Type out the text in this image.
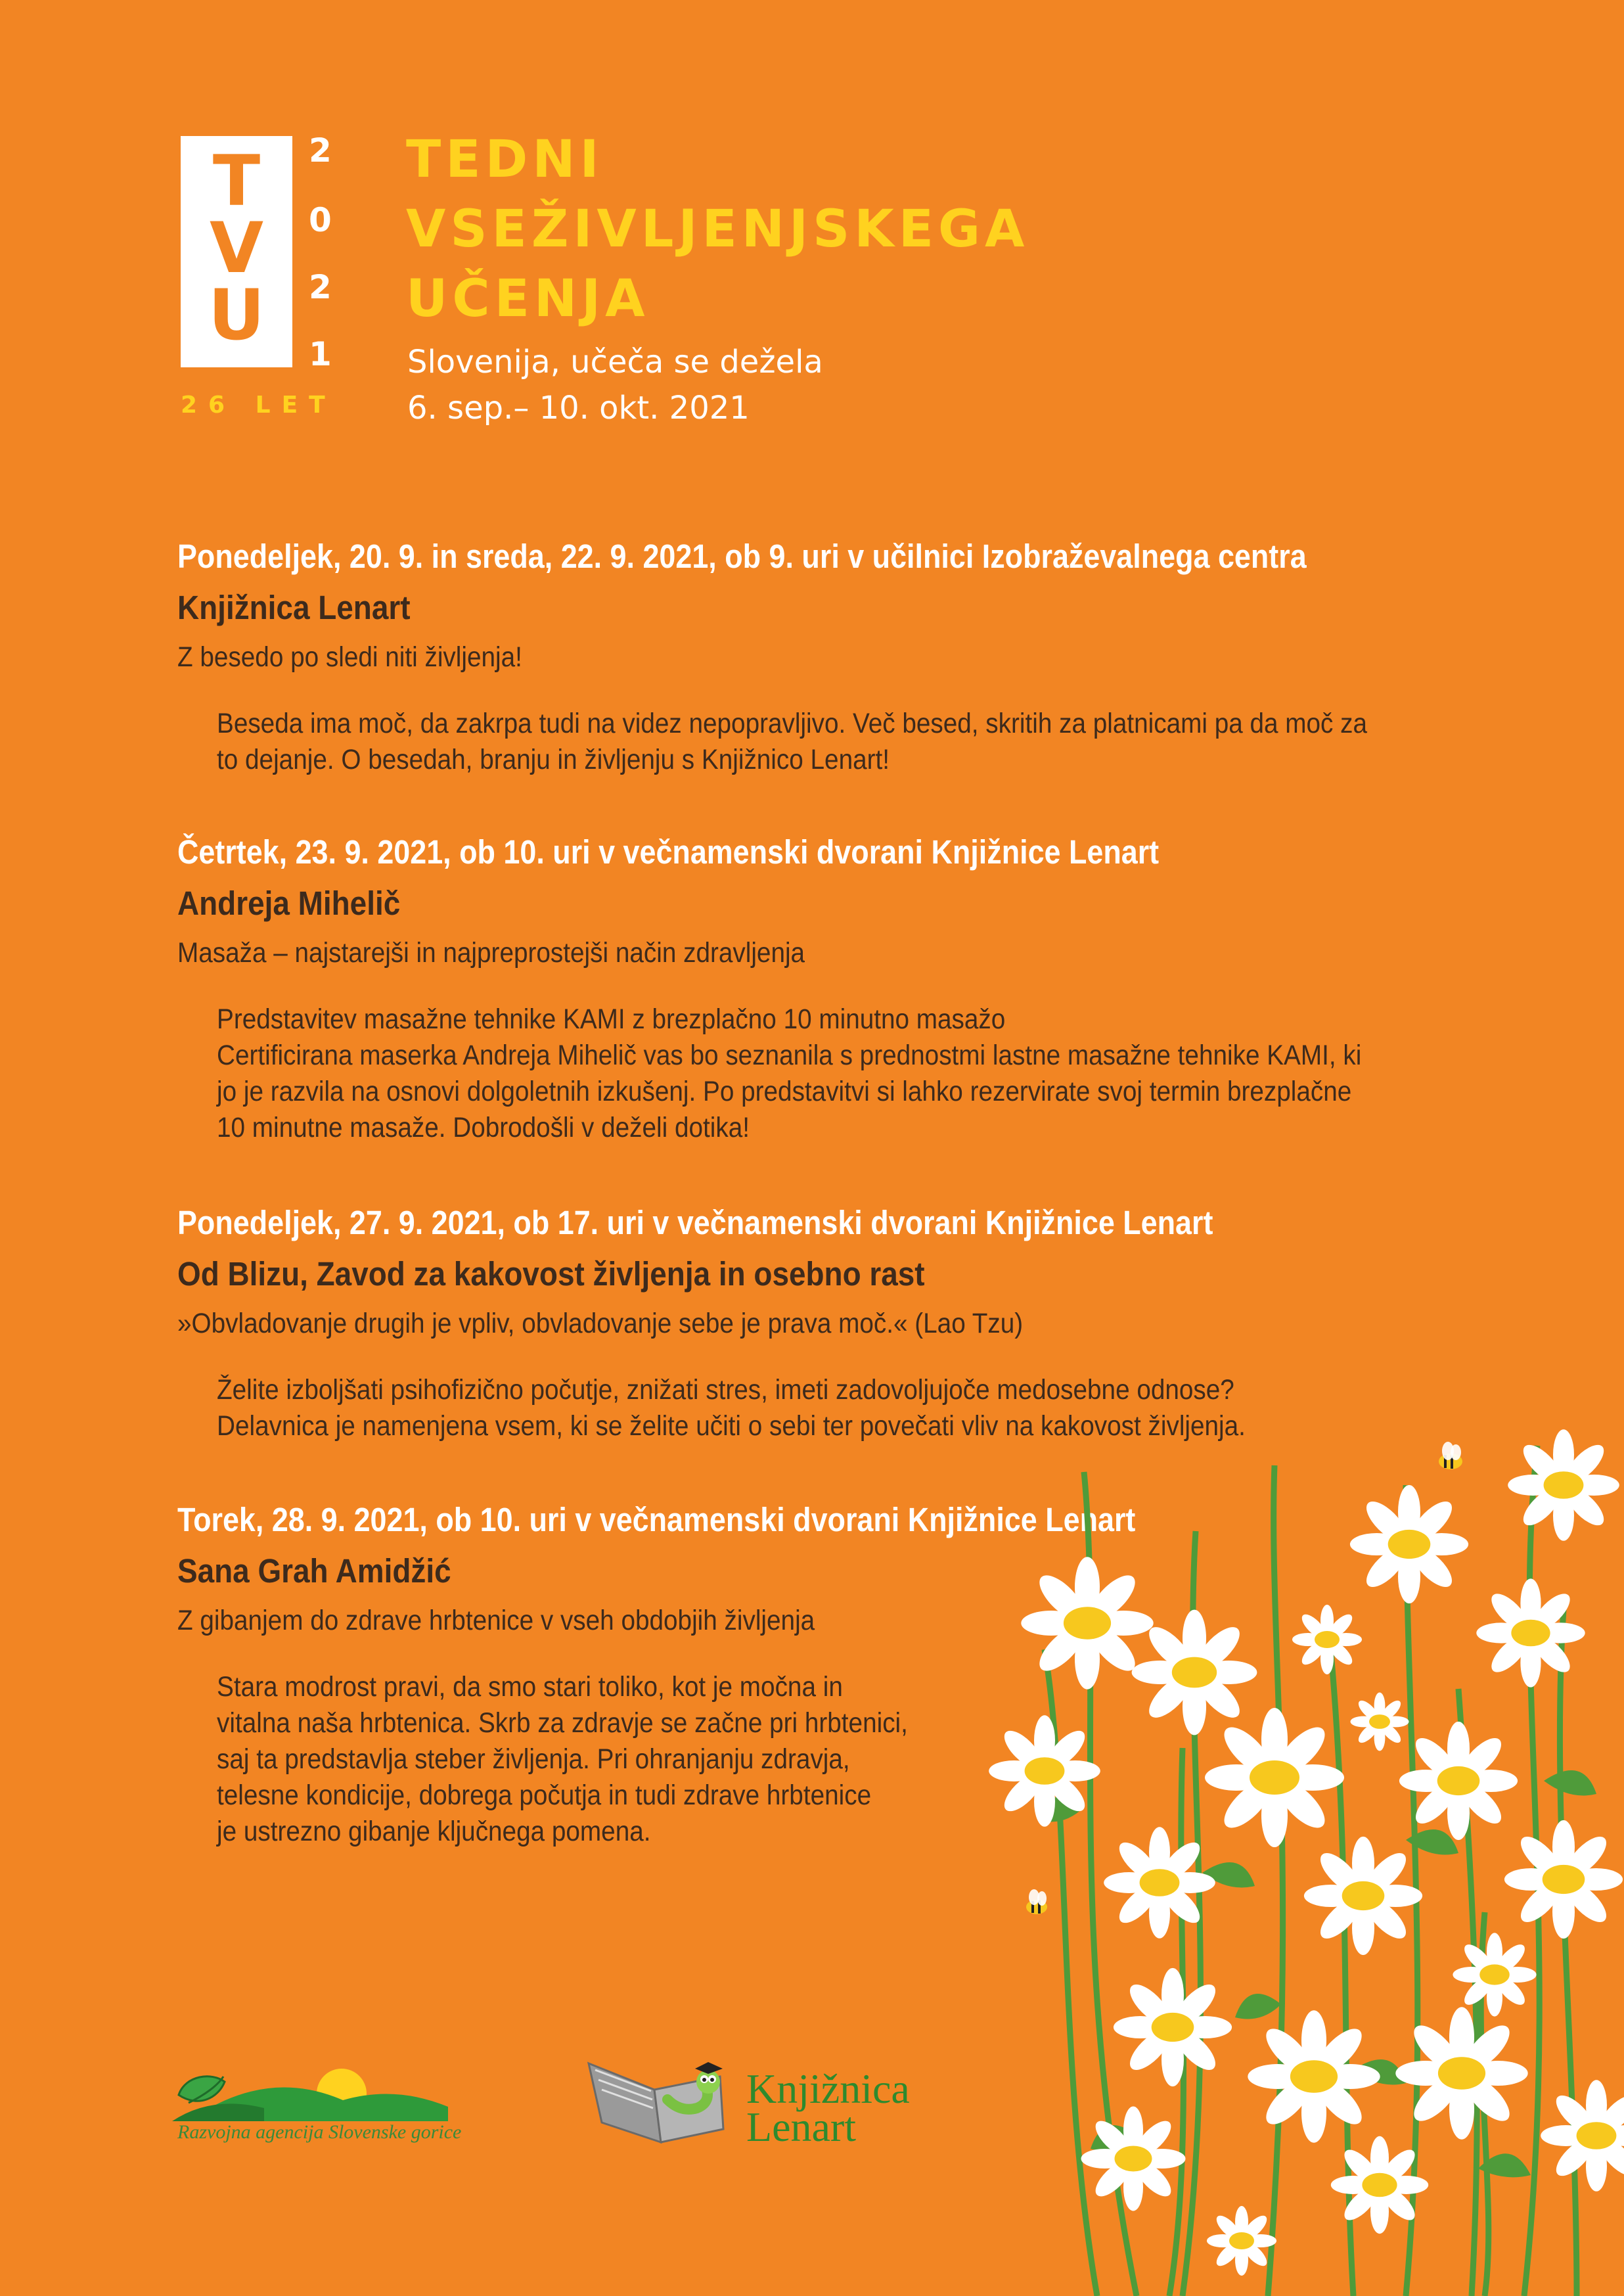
T
V
U
2
0
2
1
26 LET
TEDNI
VSEŽIVLJENJSKEGA
UČENJA
Slovenija, učeča se dežela
6. sep.– 10. okt. 2021
Ponedeljek, 20. 9. in sreda, 22. 9. 2021, ob 9. uri v učilnici Izobraževalnega centra
Knjižnica Lenart
Z besedo po sledi niti življenja!
Beseda ima moč, da zakrpa tudi na videz nepopravljivo. Več besed, skritih za platnicami pa da moč za
to dejanje. O besedah, branju in življenju s Knjižnico Lenart!
Četrtek, 23. 9. 2021, ob 10. uri v večnamenski dvorani Knjižnice Lenart
Andreja Mihelič
Masaža – najstarejši in najpreprostejši način zdravljenja
Predstavitev masažne tehnike KAMI z brezplačno 10 minutno masažo
Certificirana maserka Andreja Mihelič vas bo seznanila s prednostmi lastne masažne tehnike KAMI, ki
jo je razvila na osnovi dolgoletnih izkušenj. Po predstavitvi si lahko rezervirate svoj termin brezplačne
10 minutne masaže. Dobrodošli v deželi dotika!
Ponedeljek, 27. 9. 2021, ob 17. uri v večnamenski dvorani Knjižnice Lenart
Od Blizu, Zavod za kakovost življenja in osebno rast
»Obvladovanje drugih je vpliv, obvladovanje sebe je prava moč.« (Lao Tzu)
Želite izboljšati psihofizično počutje, znižati stres, imeti zadovoljujoče medosebne odnose?
Delavnica je namenjena vsem, ki se želite učiti o sebi ter povečati vliv na kakovost življenja.
Torek, 28. 9. 2021, ob 10. uri v večnamenski dvorani Knjižnice Lenart
Sana Grah Amidžić
Z gibanjem do zdrave hrbtenice v vseh obdobjih življenja
Stara modrost pravi, da smo stari toliko, kot je močna in
vitalna naša hrbtenica. Skrb za zdravje se začne pri hrbtenici,
saj ta predstavlja steber življenja. Pri ohranjanju zdravja,
telesne kondicije, dobrega počutja in tudi zdrave hrbtenice
je ustrezno gibanje ključnega pomena.
Razvojna agencija Slovenske gorice
Knjižnica
Lenart
